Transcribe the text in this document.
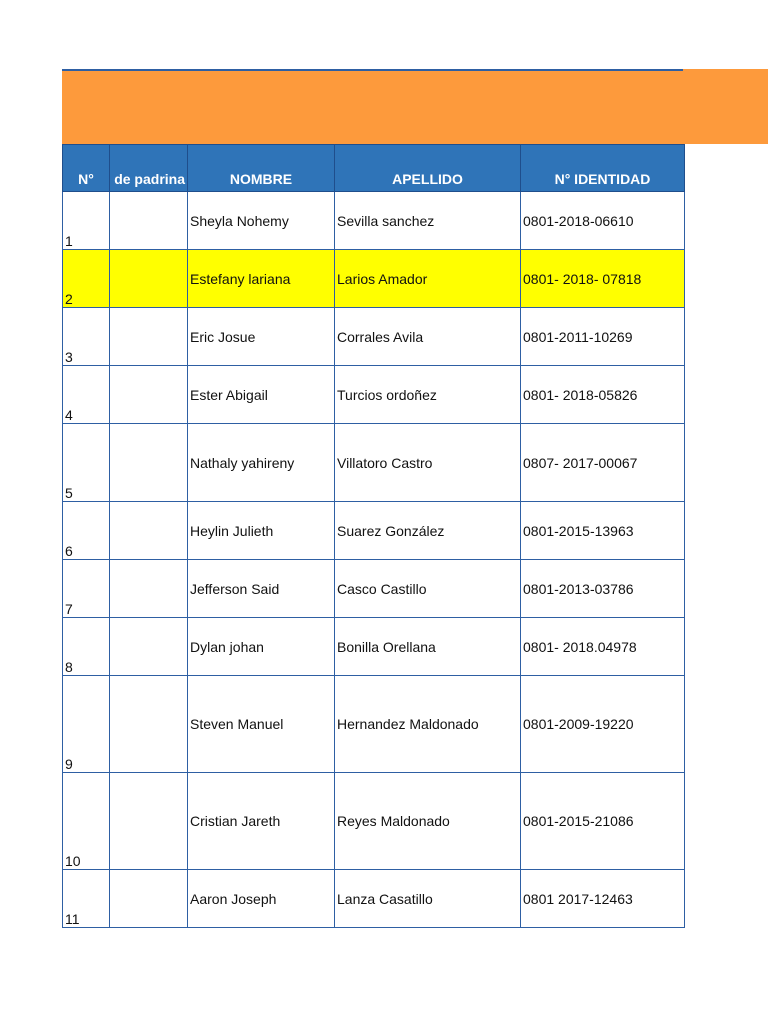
N°	de padrina	NOMBRE	APELLIDO	N° IDENTIDAD
1		Sheyla Nohemy	Sevilla sanchez	0801-2018-06610
2		Estefany lariana	Larios Amador	0801- 2018- 07818
3		Eric Josue	Corrales Avila	0801-2011-10269
4		Ester Abigail	Turcios ordoñez	0801- 2018-05826
5		Nathaly yahireny	Villatoro Castro	0807- 2017-00067
6		Heylin Julieth	Suarez González	0801-2015-13963
7		Jefferson Said	Casco Castillo	0801-2013-03786
8		Dylan johan	Bonilla Orellana	0801- 2018.04978
9		Steven Manuel	Hernandez Maldonado	0801-2009-19220
10		Cristian Jareth	Reyes Maldonado	0801-2015-21086
11		Aaron Joseph	Lanza Casatillo	0801 2017-12463
